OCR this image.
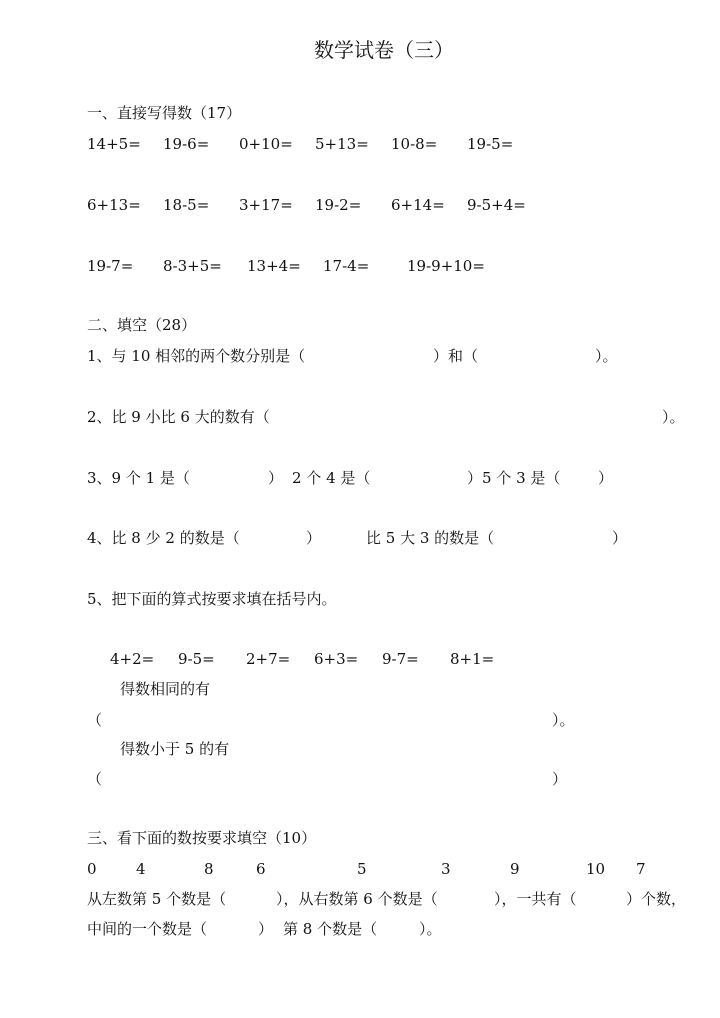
数学试卷（三）
一、直接写得数（17）
14+5= 19-6= 0+10= 5+13= 10-8= 19-5=
6+13= 18-5= 3+17= 19-2= 6+14= 9-5+4=
19-7= 8-3+5= 13+4= 17-4=	19-9+10=
二、填空（28）
1、与 10 相邻的两个数分别是（	）和（	）。
2、比 9 小比 6 大的数有（	）。
3、9 个 1 是（	） 2 个 4 是（	）5 个 3 是（	）
4、比 8 少 2 的数是（	）	比 5 大 3 的数是（	）
5、把下面的算式按要求填在括号内。
4+2= 9-5= 2+7= 6+3= 9-7= 8+1=
得数相同的有
（	）。
得数小于 5 的有
（	）
三、看下面的数按要求填空（10）
0	4	8	6	5	3	9	10 7
从左数第 5 个数是（	），从右数第 6 个数是（	），一共有（	）个数，
中间的一个数是（	） 第 8 个数是（	）。
